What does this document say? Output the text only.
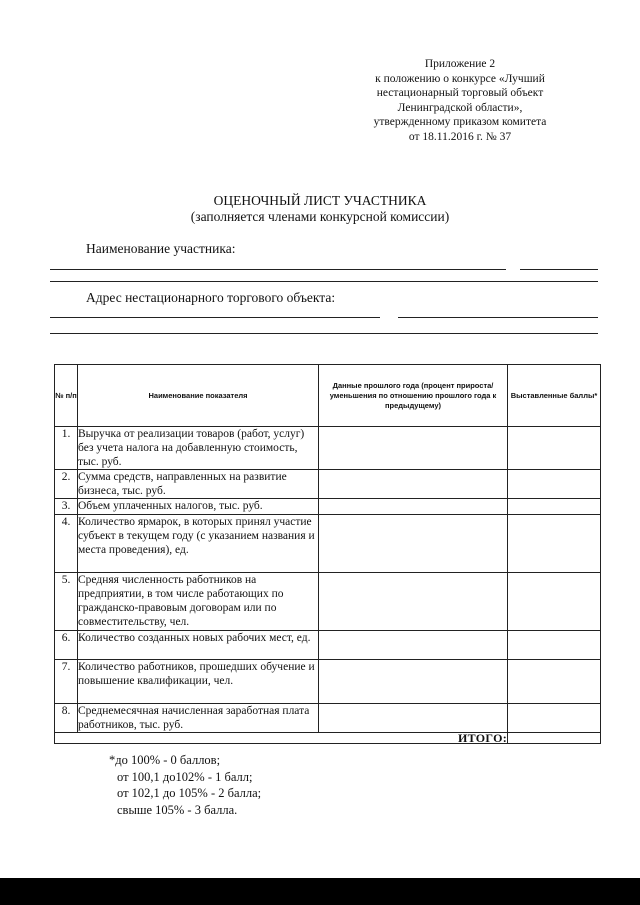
Приложение 2
к положению о конкурсе «Лучший
нестационарный торговый объект
Ленинградской области»,
утвержденному приказом комитета
от 18.11.2016 г. № 37
ОЦЕНОЧНЫЙ ЛИСТ УЧАСТНИКА
(заполняется членами конкурсной комиссии)
Наименование участника:
Адрес нестационарного торгового объекта:
№ п/п	Наименование показателя	Данные прошлого года (процент прироста/уменьшения по отношению прошлого года к предыдущему)	Выставленные баллы*
1.	Выручка от реализации товаров (работ, услуг) без учета налога на добавленную стоимость, тыс. руб.		
2.	Сумма средств, направленных на развитие бизнеса, тыс. руб.		
3.	Объем уплаченных налогов, тыс. руб.		
4.	Количество ярмарок, в которых принял участие субъект в текущем году (с указанием названия и места проведения), ед.		
5.	Средняя численность работников на предприятии, в том числе работающих по гражданско-правовым договорам или по совместительству, чел.		
6.	Количество созданных новых рабочих мест, ед.		
7.	Количество работников, прошедших обучение и повышение квалификации, чел.		
8.	Среднемесячная начисленная заработная плата работников, тыс. руб.		
ИТОГО:			
*до 100% - 0 баллов;
от 100,1 до102% - 1 балл;
от 102,1 до 105% - 2 балла;
свыше 105% - 3 балла.
